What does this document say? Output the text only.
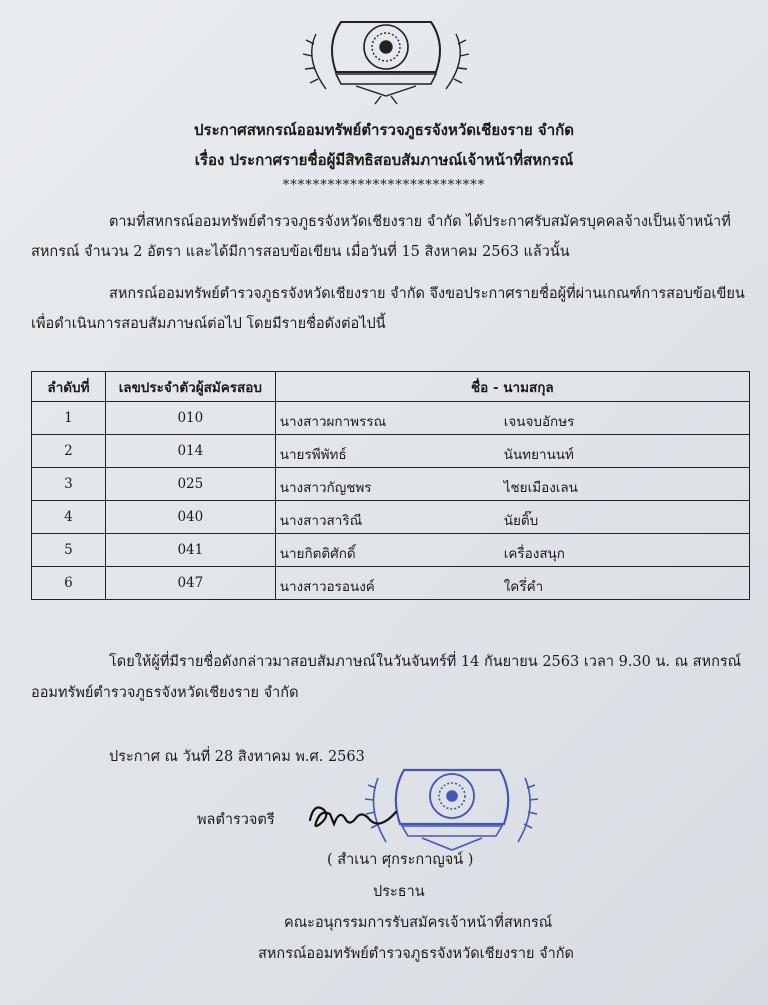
ประกาศสหกรณ์ออมทรัพย์ตำรวจภูธรจังหวัดเชียงราย จำกัด
เรื่อง ประกาศรายชื่อผู้มีสิทธิสอบสัมภาษณ์เจ้าหน้าที่สหกรณ์
***************************
ตามที่สหกรณ์ออมทรัพย์ตำรวจภูธรจังหวัดเชียงราย จำกัด ได้ประกาศรับสมัครบุคคลจ้างเป็นเจ้าหน้าที่
สหกรณ์ จำนวน 2 อัตรา และได้มีการสอบข้อเขียน เมื่อวันที่ 15 สิงหาคม 2563 แล้วนั้น
สหกรณ์ออมทรัพย์ตำรวจภูธรจังหวัดเชียงราย จำกัด จึงขอประกาศรายชื่อผู้ที่ผ่านเกณฑ์การสอบข้อเขียน
เพื่อดำเนินการสอบสัมภาษณ์ต่อไป โดยมีรายชื่อดังต่อไปนี้
ลำดับที่	เลขประจำตัวผู้สมัครสอบ	ชื่อ - นามสกุล
1	010	นางสาวผกาพรรณ เจนจบอักษร

2	014	นายรพีพัทธ์ นันทยานนท์

3	025	นางสาวกัญชพร ไชยเมืองเลน

4	040	นางสาวสาริณี นัยติ๊บ

5	041	นายกิตติศักดิ์ เครื่องสนุก

6	047	นางสาวอรอนงค์ ใครึ่คำ
โดยให้ผู้ที่มีรายชื่อดังกล่าวมาสอบสัมภาษณ์ในวันจันทร์ที่ 14 กันยายน 2563 เวลา 9.30 น. ณ สหกรณ์
ออมทรัพย์ตำรวจภูธรจังหวัดเชียงราย จำกัด
ประกาศ ณ วันที่ 28 สิงหาคม พ.ศ. 2563
พลตำรวจตรี
( สำเนา ศุกระกาญจน์ )
ประธาน
คณะอนุกรรมการรับสมัครเจ้าหน้าที่สหกรณ์
สหกรณ์ออมทรัพย์ตำรวจภูธรจังหวัดเชียงราย จำกัด
